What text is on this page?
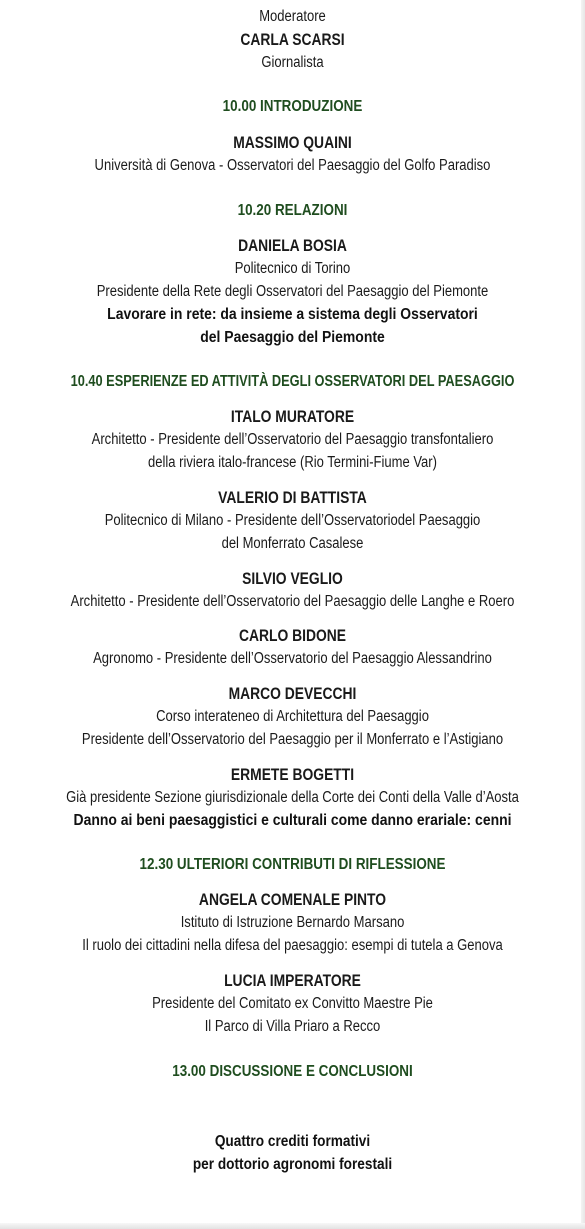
Moderatore
CARLA SCARSI
Giornalista
10.00 INTRODUZIONE
MASSIMO QUAINI
Università di Genova - Osservatori del Paesaggio del Golfo Paradiso
10.20 RELAZIONI
DANIELA BOSIA
Politecnico di Torino
Presidente della Rete degli Osservatori del Paesaggio del Piemonte
Lavorare in rete: da insieme a sistema degli Osservatori
del Paesaggio del Piemonte
10.40 ESPERIENZE ED ATTIVITÀ DEGLI OSSERVATORI DEL PAESAGGIO
ITALO MURATORE
Architetto - Presidente dell’Osservatorio del Paesaggio transfontaliero
della riviera italo-francese (Rio Termini-Fiume Var)
VALERIO DI BATTISTA
Politecnico di Milano - Presidente dell’Osservatoriodel Paesaggio
del Monferrato Casalese
SILVIO VEGLIO
Architetto - Presidente dell’Osservatorio del Paesaggio delle Langhe e Roero
CARLO BIDONE
Agronomo - Presidente dell’Osservatorio del Paesaggio Alessandrino
MARCO DEVECCHI
Corso interateneo di Architettura del Paesaggio
Presidente dell’Osservatorio del Paesaggio per il Monferrato e l’Astigiano
ERMETE BOGETTI
Già presidente Sezione giurisdizionale della Corte dei Conti della Valle d’Aosta
Danno ai beni paesaggistici e culturali come danno erariale: cenni
12.30 ULTERIORI CONTRIBUTI DI RIFLESSIONE
ANGELA COMENALE PINTO
Istituto di Istruzione Bernardo Marsano
Il ruolo dei cittadini nella difesa del paesaggio: esempi di tutela a Genova
LUCIA IMPERATORE
Presidente del Comitato ex Convitto Maestre Pie
Il Parco di Villa Priaro a Recco
13.00 DISCUSSIONE E CONCLUSIONI
Quattro crediti formativi
per dottorio agronomi forestali
